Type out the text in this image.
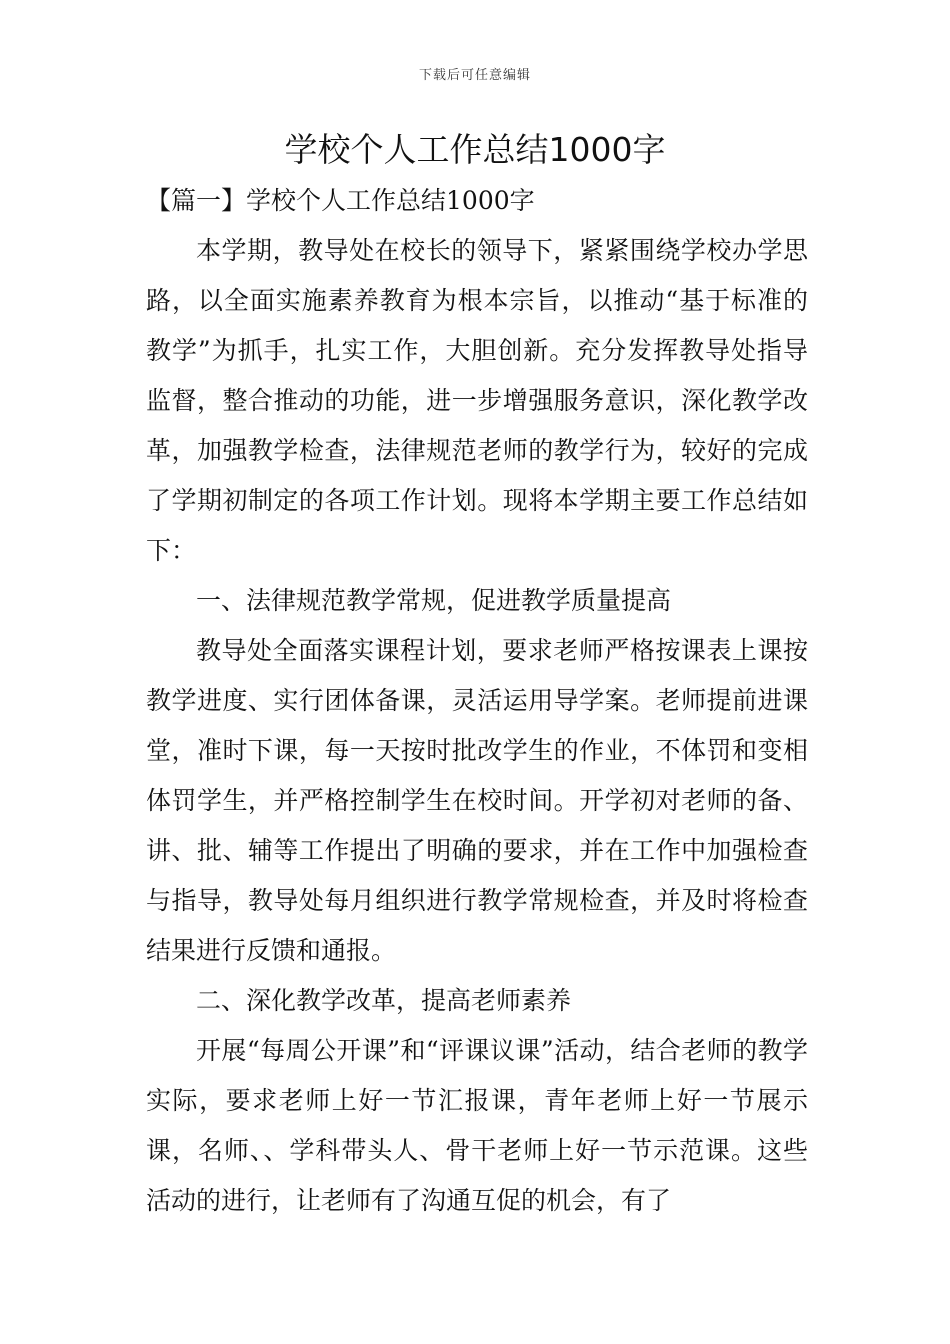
下载后可任意编辑
学校个人工作总结1000字

【篇一】学校个人工作总结1000字

本学期，教导处在校长的领导下，紧紧围绕学校办学思路，以全面实施素养教育为根本宗旨，以推动“基于标准的教学”为抓手，扎实工作，大胆创新。充分发挥教导处指导监督，整合推动的功能，进一步增强服务意识，深化教学改革，加强教学检查，法律规范老师的教学行为，较好的完成了学期初制定的各项工作计划。现将本学期主要工作总结如下：

一、法律规范教学常规，促进教学质量提高

教导处全面落实课程计划，要求老师严格按课表上课按教学进度、实行团体备课，灵活运用导学案。老师提前进课堂，准时下课，每一天按时批改学生的作业，不体罚和变相体罚学生，并严格控制学生在校时间。开学初对老师的备、讲、批、辅等工作提出了明确的要求，并在工作中加强检查与指导，教导处每月组织进行教学常规检查，并及时将检查结果进行反馈和通报。

二、深化教学改革，提高老师素养

开展“每周公开课”和“评课议课”活动，结合老师的教学实际，要求老师上好一节汇报课，青年老师上好一节展示课，名师、、学科带头人、骨干老师上好一节示范课。这些活动的进行，让老师有了沟通互促的机会，有了
